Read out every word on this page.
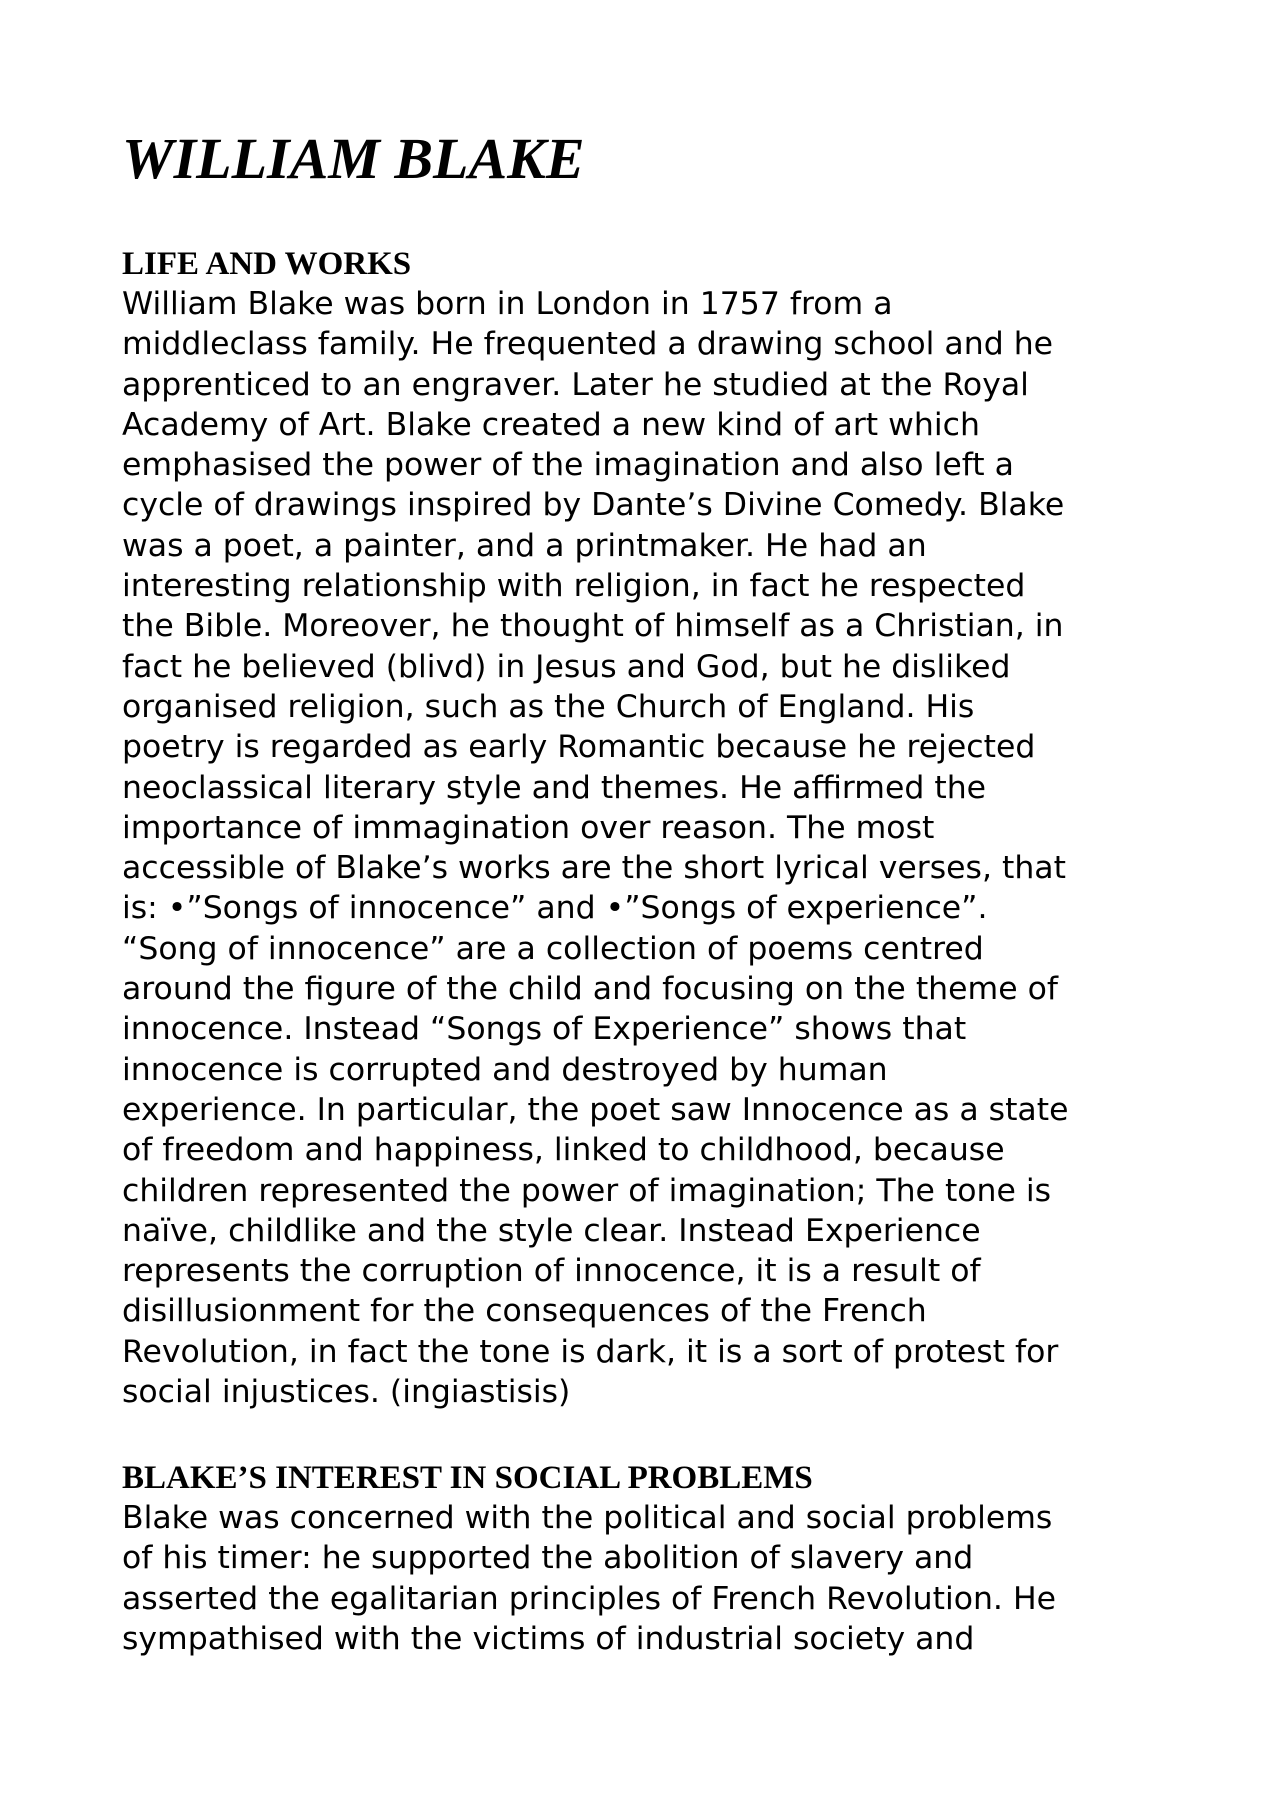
WILLIAM BLAKE
LIFE AND WORKS
William Blake was born in London in 1757 from a
middleclass family. He frequented a drawing school and he
apprenticed to an engraver. Later he studied at the Royal
Academy of Art. Blake created a new kind of art which
emphasised the power of the imagination and also left a
cycle of drawings inspired by Dante’s Divine Comedy. Blake
was a poet, a painter, and a printmaker. He had an
interesting relationship with religion, in fact he respected
the Bible. Moreover, he thought of himself as a Christian, in
fact he believed (blivd) in Jesus and God, but he disliked
organised religion, such as the Church of England. His
poetry is regarded as early Romantic because he rejected
neoclassical literary style and themes. He affirmed the
importance of immagination over reason. The most
accessible of Blake’s works are the short lyrical verses, that
is: •”Songs of innocence” and •”Songs of experience”.
“Song of innocence” are a collection of poems centred
around the figure of the child and focusing on the theme of
innocence. Instead “Songs of Experience” shows that
innocence is corrupted and destroyed by human
experience. In particular, the poet saw Innocence as a state
of freedom and happiness, linked to childhood, because
children represented the power of imagination; The tone is
naïve, childlike and the style clear. Instead Experience
represents the corruption of innocence, it is a result of
disillusionment for the consequences of the French
Revolution, in fact the tone is dark, it is a sort of protest for
social injustices. (ingiastisis)
BLAKE’S INTEREST IN SOCIAL PROBLEMS
Blake was concerned with the political and social problems
of his timer: he supported the abolition of slavery and
asserted the egalitarian principles of French Revolution. He
sympathised with the victims of industrial society and
